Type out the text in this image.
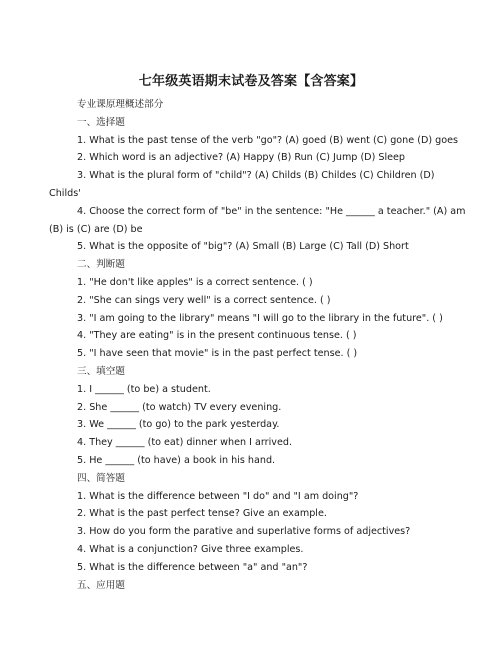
七年级英语期末试卷及答案【含答案】
专业课原理概述部分
一、选择题
1. What is the past tense of the verb "go"? (A) goed (B) went (C) gone (D) goes
2. Which word is an adjective? (A) Happy (B) Run (C) Jump (D) Sleep
3. What is the plural form of "child"? (A) Childs (B) Childes (C) Children (D) Childs'
4. Choose the correct form of "be" in the sentence: "He ______ a teacher." (A) am (B) is (C) are (D) be
5. What is the opposite of "big"? (A) Small (B) Large (C) Tall (D) Short
二、判断题
1. "He don't like apples" is a correct sentence. ( )
2. "She can sings very well" is a correct sentence. ( )
3. "I am going to the library" means "I will go to the library in the future". ( )
4. "They are eating" is in the present continuous tense. ( )
5. "I have seen that movie" is in the past perfect tense. ( )
三、填空题
1. I ______ (to be) a student.
2. She ______ (to watch) TV every evening.
3. We ______ (to go) to the park yesterday.
4. They ______ (to eat) dinner when I arrived.
5. He ______ (to have) a book in his hand.
四、简答题
1. What is the difference between "I do" and "I am doing"?
2. What is the past perfect tense? Give an example.
3. How do you form the parative and superlative forms of adjectives?
4. What is a conjunction? Give three examples.
5. What is the difference between "a" and "an"?
五、应用题
